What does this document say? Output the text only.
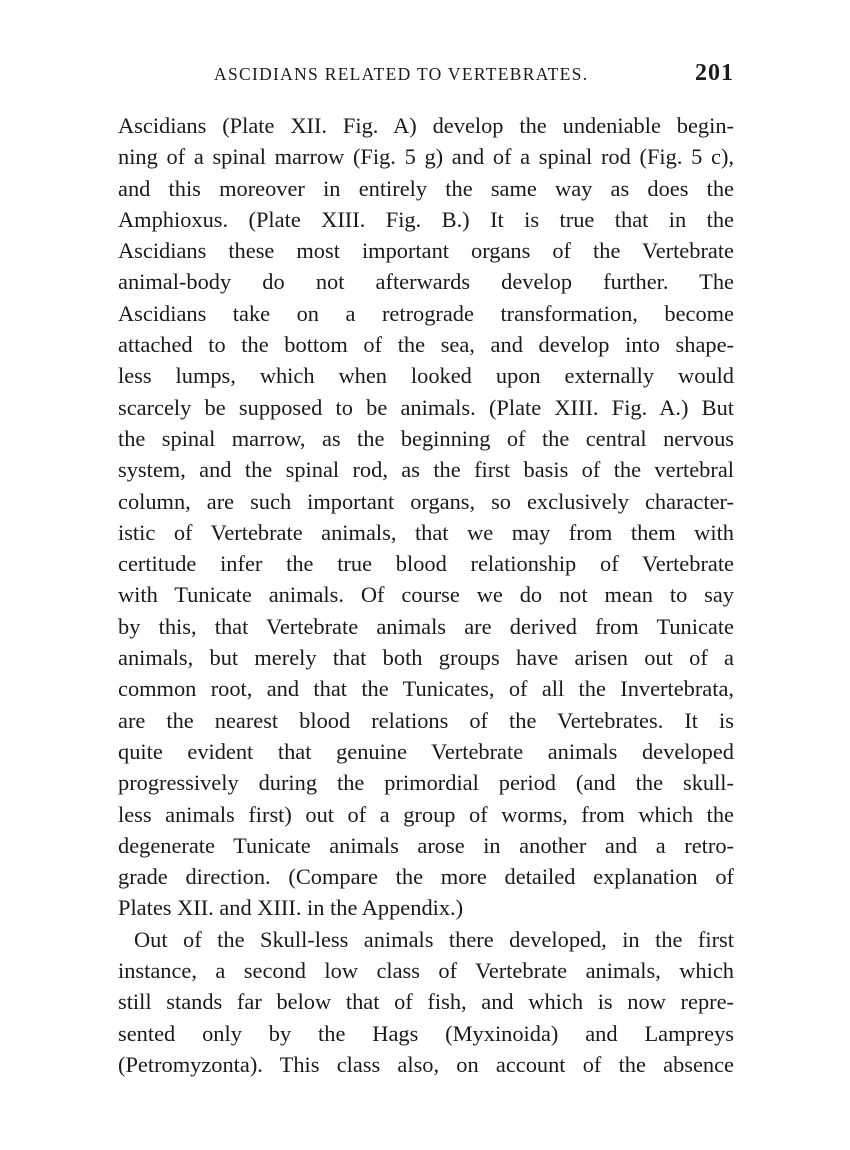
ASCIDIANS RELATED TO VERTEBRATES.	201
Ascidians (Plate XII. Fig. A) develop the undeniable begin-
ning of a spinal marrow (Fig. 5 g) and of a spinal rod (Fig. 5 c),
and this moreover in entirely the same way as does the
Amphioxus. (Plate XIII. Fig. B.) It is true that in the
Ascidians these most important organs of the Vertebrate
animal-body do not afterwards develop further. The
Ascidians take on a retrograde transformation, become
attached to the bottom of the sea, and develop into shape-
less lumps, which when looked upon externally would
scarcely be supposed to be animals. (Plate XIII. Fig. A.) But
the spinal marrow, as the beginning of the central nervous
system, and the spinal rod, as the first basis of the vertebral
column, are such important organs, so exclusively character-
istic of Vertebrate animals, that we may from them with
certitude infer the true blood relationship of Vertebrate
with Tunicate animals. Of course we do not mean to say
by this, that Vertebrate animals are derived from Tunicate
animals, but merely that both groups have arisen out of a
common root, and that the Tunicates, of all the Invertebrata,
are the nearest blood relations of the Vertebrates. It is
quite evident that genuine Vertebrate animals developed
progressively during the primordial period (and the skull-
less animals first) out of a group of worms, from which the
degenerate Tunicate animals arose in another and a retro-
grade direction. (Compare the more detailed explanation of
Plates XII. and XIII. in the Appendix.)
Out of the Skull-less animals there developed, in the first
instance, a second low class of Vertebrate animals, which
still stands far below that of fish, and which is now repre-
sented only by the Hags (Myxinoida) and Lampreys
(Petromyzonta). This class also, on account of the absence
